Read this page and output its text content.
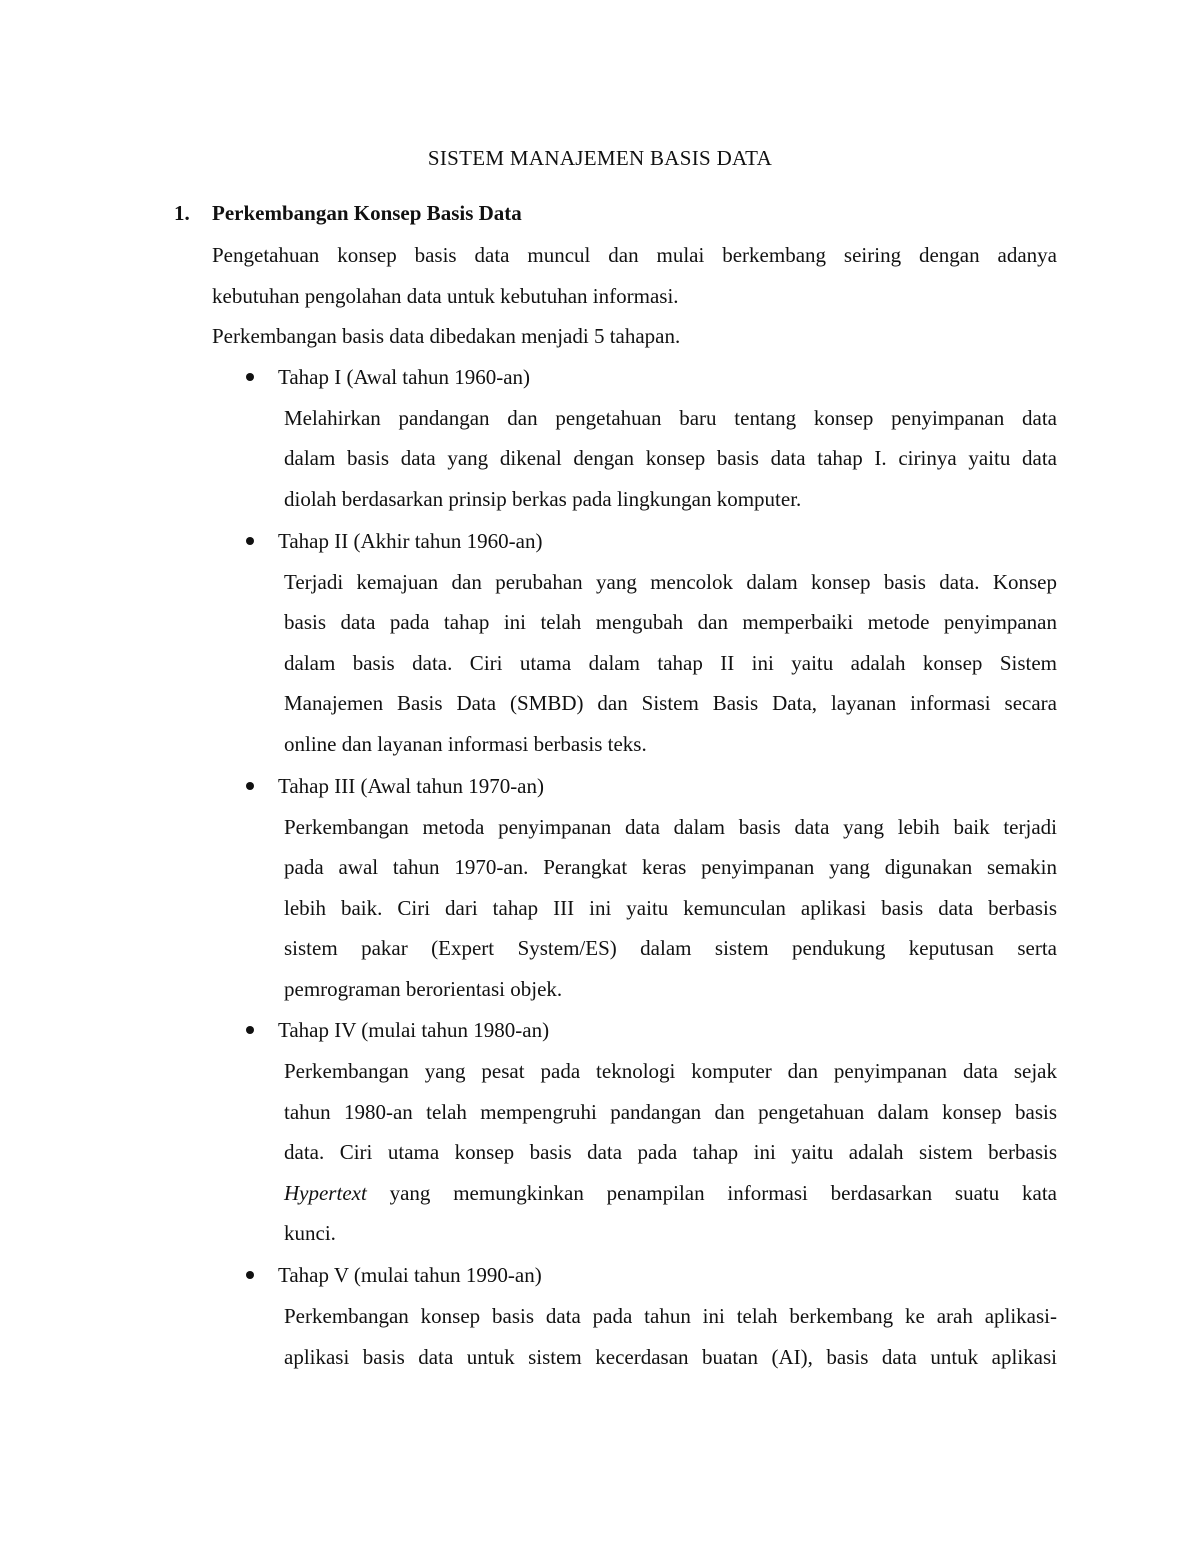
SISTEM MANAJEMEN BASIS DATA
1. Perkembangan Konsep Basis Data
Pengetahuan konsep basis data muncul dan mulai berkembang seiring dengan adanya
kebutuhan pengolahan data untuk kebutuhan informasi.
Perkembangan basis data dibedakan menjadi 5 tahapan.
Tahap I (Awal tahun 1960-an)
Melahirkan pandangan dan pengetahuan baru tentang konsep penyimpanan data
dalam basis data yang dikenal dengan konsep basis data tahap I. cirinya yaitu data
diolah berdasarkan prinsip berkas pada lingkungan komputer.
Tahap II (Akhir tahun 1960-an)
Terjadi kemajuan dan perubahan yang mencolok dalam konsep basis data. Konsep
basis data pada tahap ini telah mengubah dan memperbaiki metode penyimpanan
dalam basis data. Ciri utama dalam tahap II ini yaitu adalah konsep Sistem
Manajemen Basis Data (SMBD) dan Sistem Basis Data, layanan informasi secara
online dan layanan informasi berbasis teks.
Tahap III (Awal tahun 1970-an)
Perkembangan metoda penyimpanan data dalam basis data yang lebih baik terjadi
pada awal tahun 1970-an. Perangkat keras penyimpanan yang digunakan semakin
lebih baik. Ciri dari tahap III ini yaitu kemunculan aplikasi basis data berbasis
sistem pakar (Expert System/ES) dalam sistem pendukung keputusan serta
pemrograman berorientasi objek.
Tahap IV (mulai tahun 1980-an)
Perkembangan yang pesat pada teknologi komputer dan penyimpanan data sejak
tahun 1980-an telah mempengruhi pandangan dan pengetahuan dalam konsep basis
data. Ciri utama konsep basis data pada tahap ini yaitu adalah sistem berbasis
Hypertext yang memungkinkan penampilan informasi berdasarkan suatu kata
kunci.
Tahap V (mulai tahun 1990-an)
Perkembangan konsep basis data pada tahun ini telah berkembang ke arah aplikasi-
aplikasi basis data untuk sistem kecerdasan buatan (AI), basis data untuk aplikasi
